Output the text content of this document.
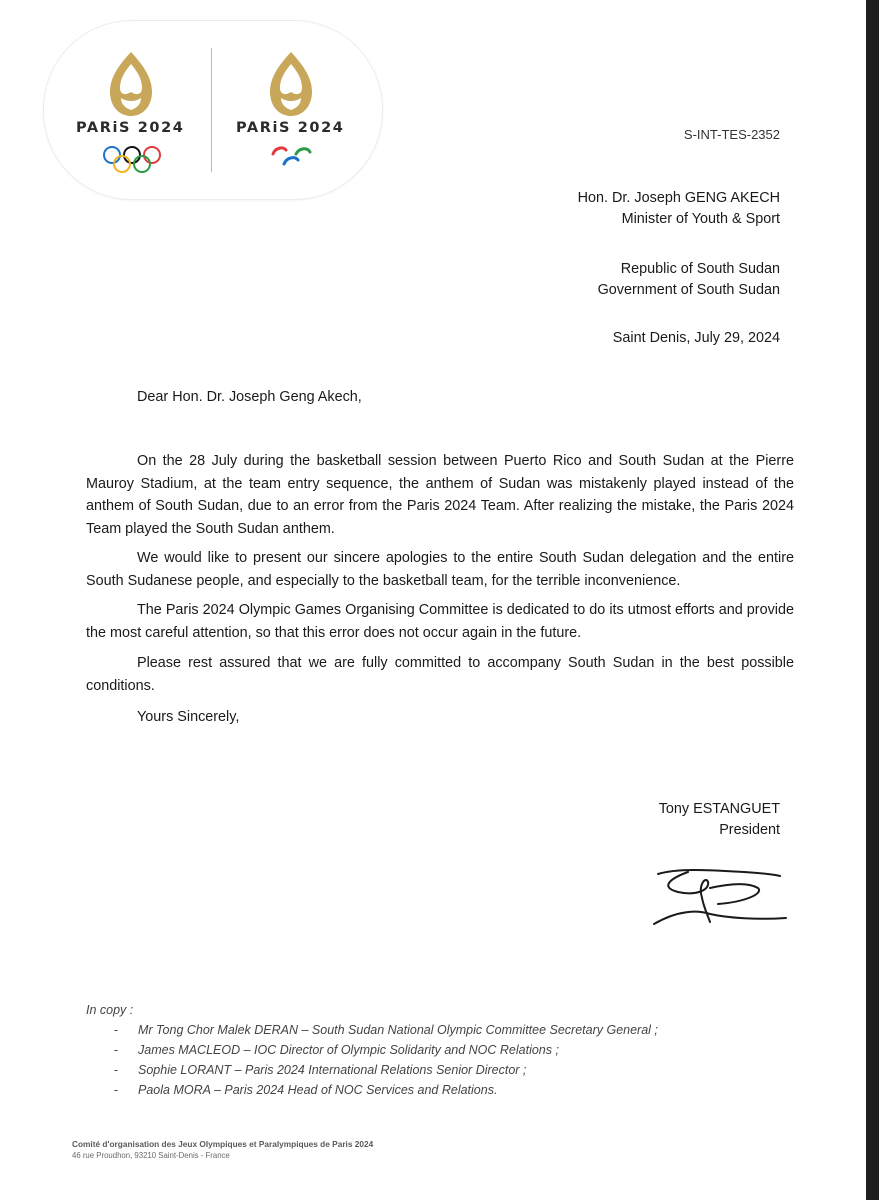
PARiS 2024	PARiS 2024	S-INT-TES-2352
Hon. Dr. Joseph GENG AKECH
Minister of Youth & Sport
Republic of South Sudan
Government of South Sudan
Saint Denis, July 29, 2024
Dear Hon. Dr. Joseph Geng Akech,

On the 28 July during the basketball session between Puerto Rico and South Sudan at the Pierre Mauroy Stadium, at the team entry sequence, the anthem of Sudan was mistakenly played instead of the anthem of South Sudan, due to an error from the Paris 2024 Team. After realizing the mistake, the Paris 2024 Team played the South Sudan anthem.

We would like to present our sincere apologies to the entire South Sudan delegation and the entire South Sudanese people, and especially to the basketball team, for the terrible inconvenience.

The Paris 2024 Olympic Games Organising Committee is dedicated to do its utmost efforts and provide the most careful attention, so that this error does not occur again in the future.

Please rest assured that we are fully committed to accompany South Sudan in the best possible conditions.

Yours Sincerely,
Tony ESTANGUET
President
In copy :
- Mr Tong Chor Malek DERAN – South Sudan National Olympic Committee Secretary General ;
- James MACLEOD – IOC Director of Olympic Solidarity and NOC Relations ;
- Sophie LORANT – Paris 2024 International Relations Senior Director ;
- Paola MORA – Paris 2024 Head of NOC Services and Relations.
Comité d'organisation des Jeux Olympiques et Paralympiques de Paris 2024
46 rue Proudhon, 93210 Saint-Denis - France
